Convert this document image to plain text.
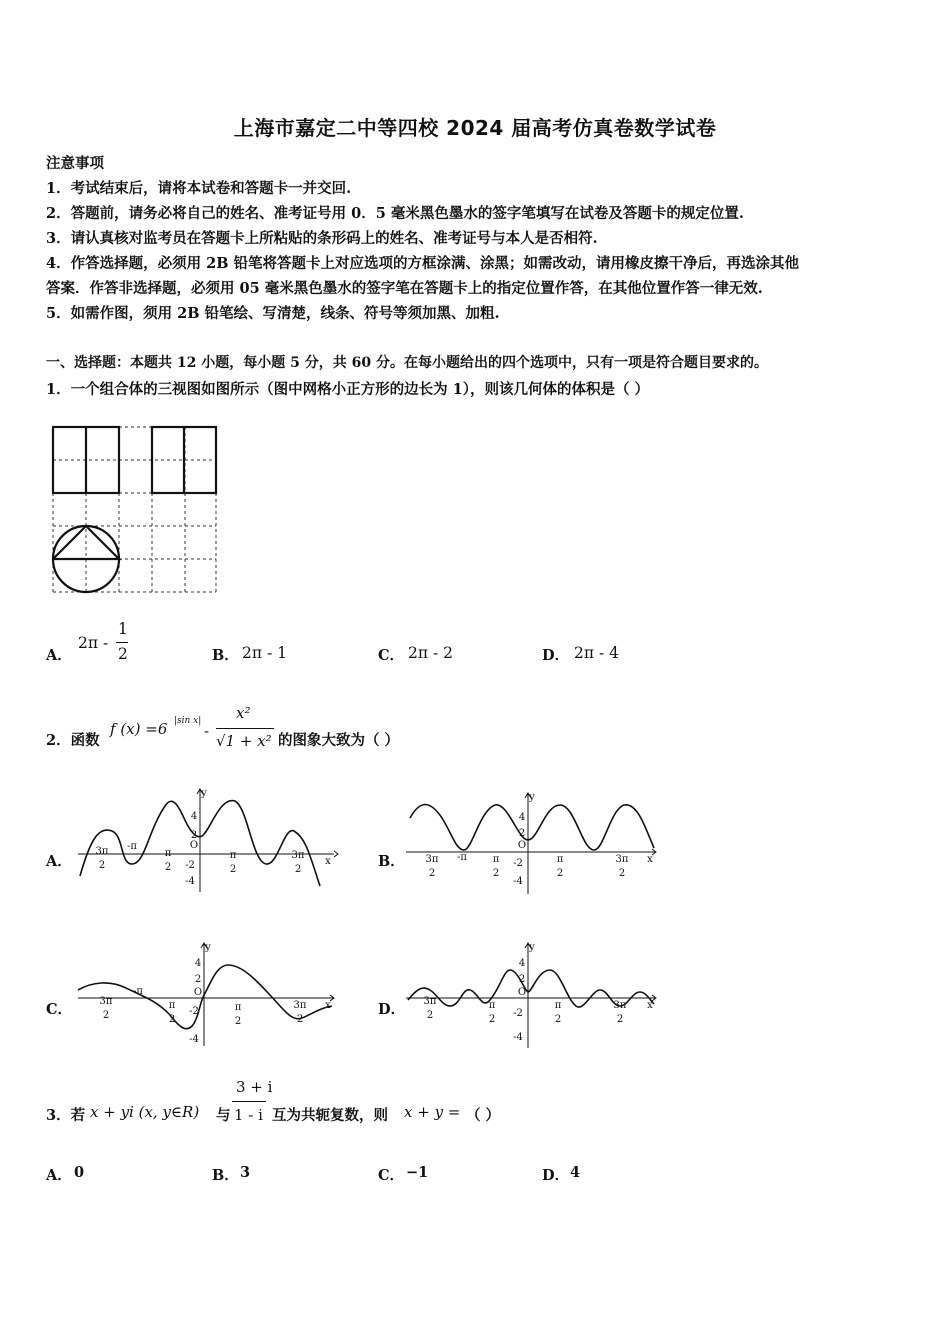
上海市嘉定二中等四校 2024 届高考仿真卷数学试卷
注意事项
1．考试结束后，请将本试卷和答题卡一并交回.
2．答题前，请务必将自己的姓名、准考证号用 0．5 毫米黑色墨水的签字笔填写在试卷及答题卡的规定位置.
3．请认真核对监考员在答题卡上所粘贴的条形码上的姓名、准考证号与本人是否相符.
4．作答选择题，必须用 2B 铅笔将答题卡上对应选项的方框涂满、涂黑；如需改动，请用橡皮擦干净后，再选涂其他
答案．作答非选择题，必须用 05 毫米黑色墨水的签字笔在答题卡上的指定位置作答，在其他位置作答一律无效.
5．如需作图，须用 2B 铅笔绘、写清楚，线条、符号等须加黑、加粗.
一、选择题：本题共 12 小题，每小题 5 分，共 60 分。在每小题给出的四个选项中，只有一项是符合题目要求的。
1．一个组合体的三视图如图所示（图中网格小正方形的边长为 1），则该几何体的体积是（ ）
A．
2π -
1
2	B． 2π - 1	C． 2π - 2	D． 2π - 4
2．函数
f (x) =6 |sin x|
-
x²
√1 + x² 的图象大致为（ ）
A．	B．
C．	D．
y
x
O
4
2
-2
-4
3π
2
-π
π
2
π
2
3π
2
y
x
O
4
2
-2
-4
3π
2
-π	π
2
π
2
3π
2
y
x
O
4
2
-2
-4
3π
2
-π
π
2
π
2
3π
2
y
x
O
4
2
-2
-4
3π
2
π
2
π
2
3π
2
3．若 x + yi (x, y∈R) 与
3 + i
1 - i 互为共轭复数，则 x + y = （ ）
A． 0	B． 3	C． −1	D． 4
